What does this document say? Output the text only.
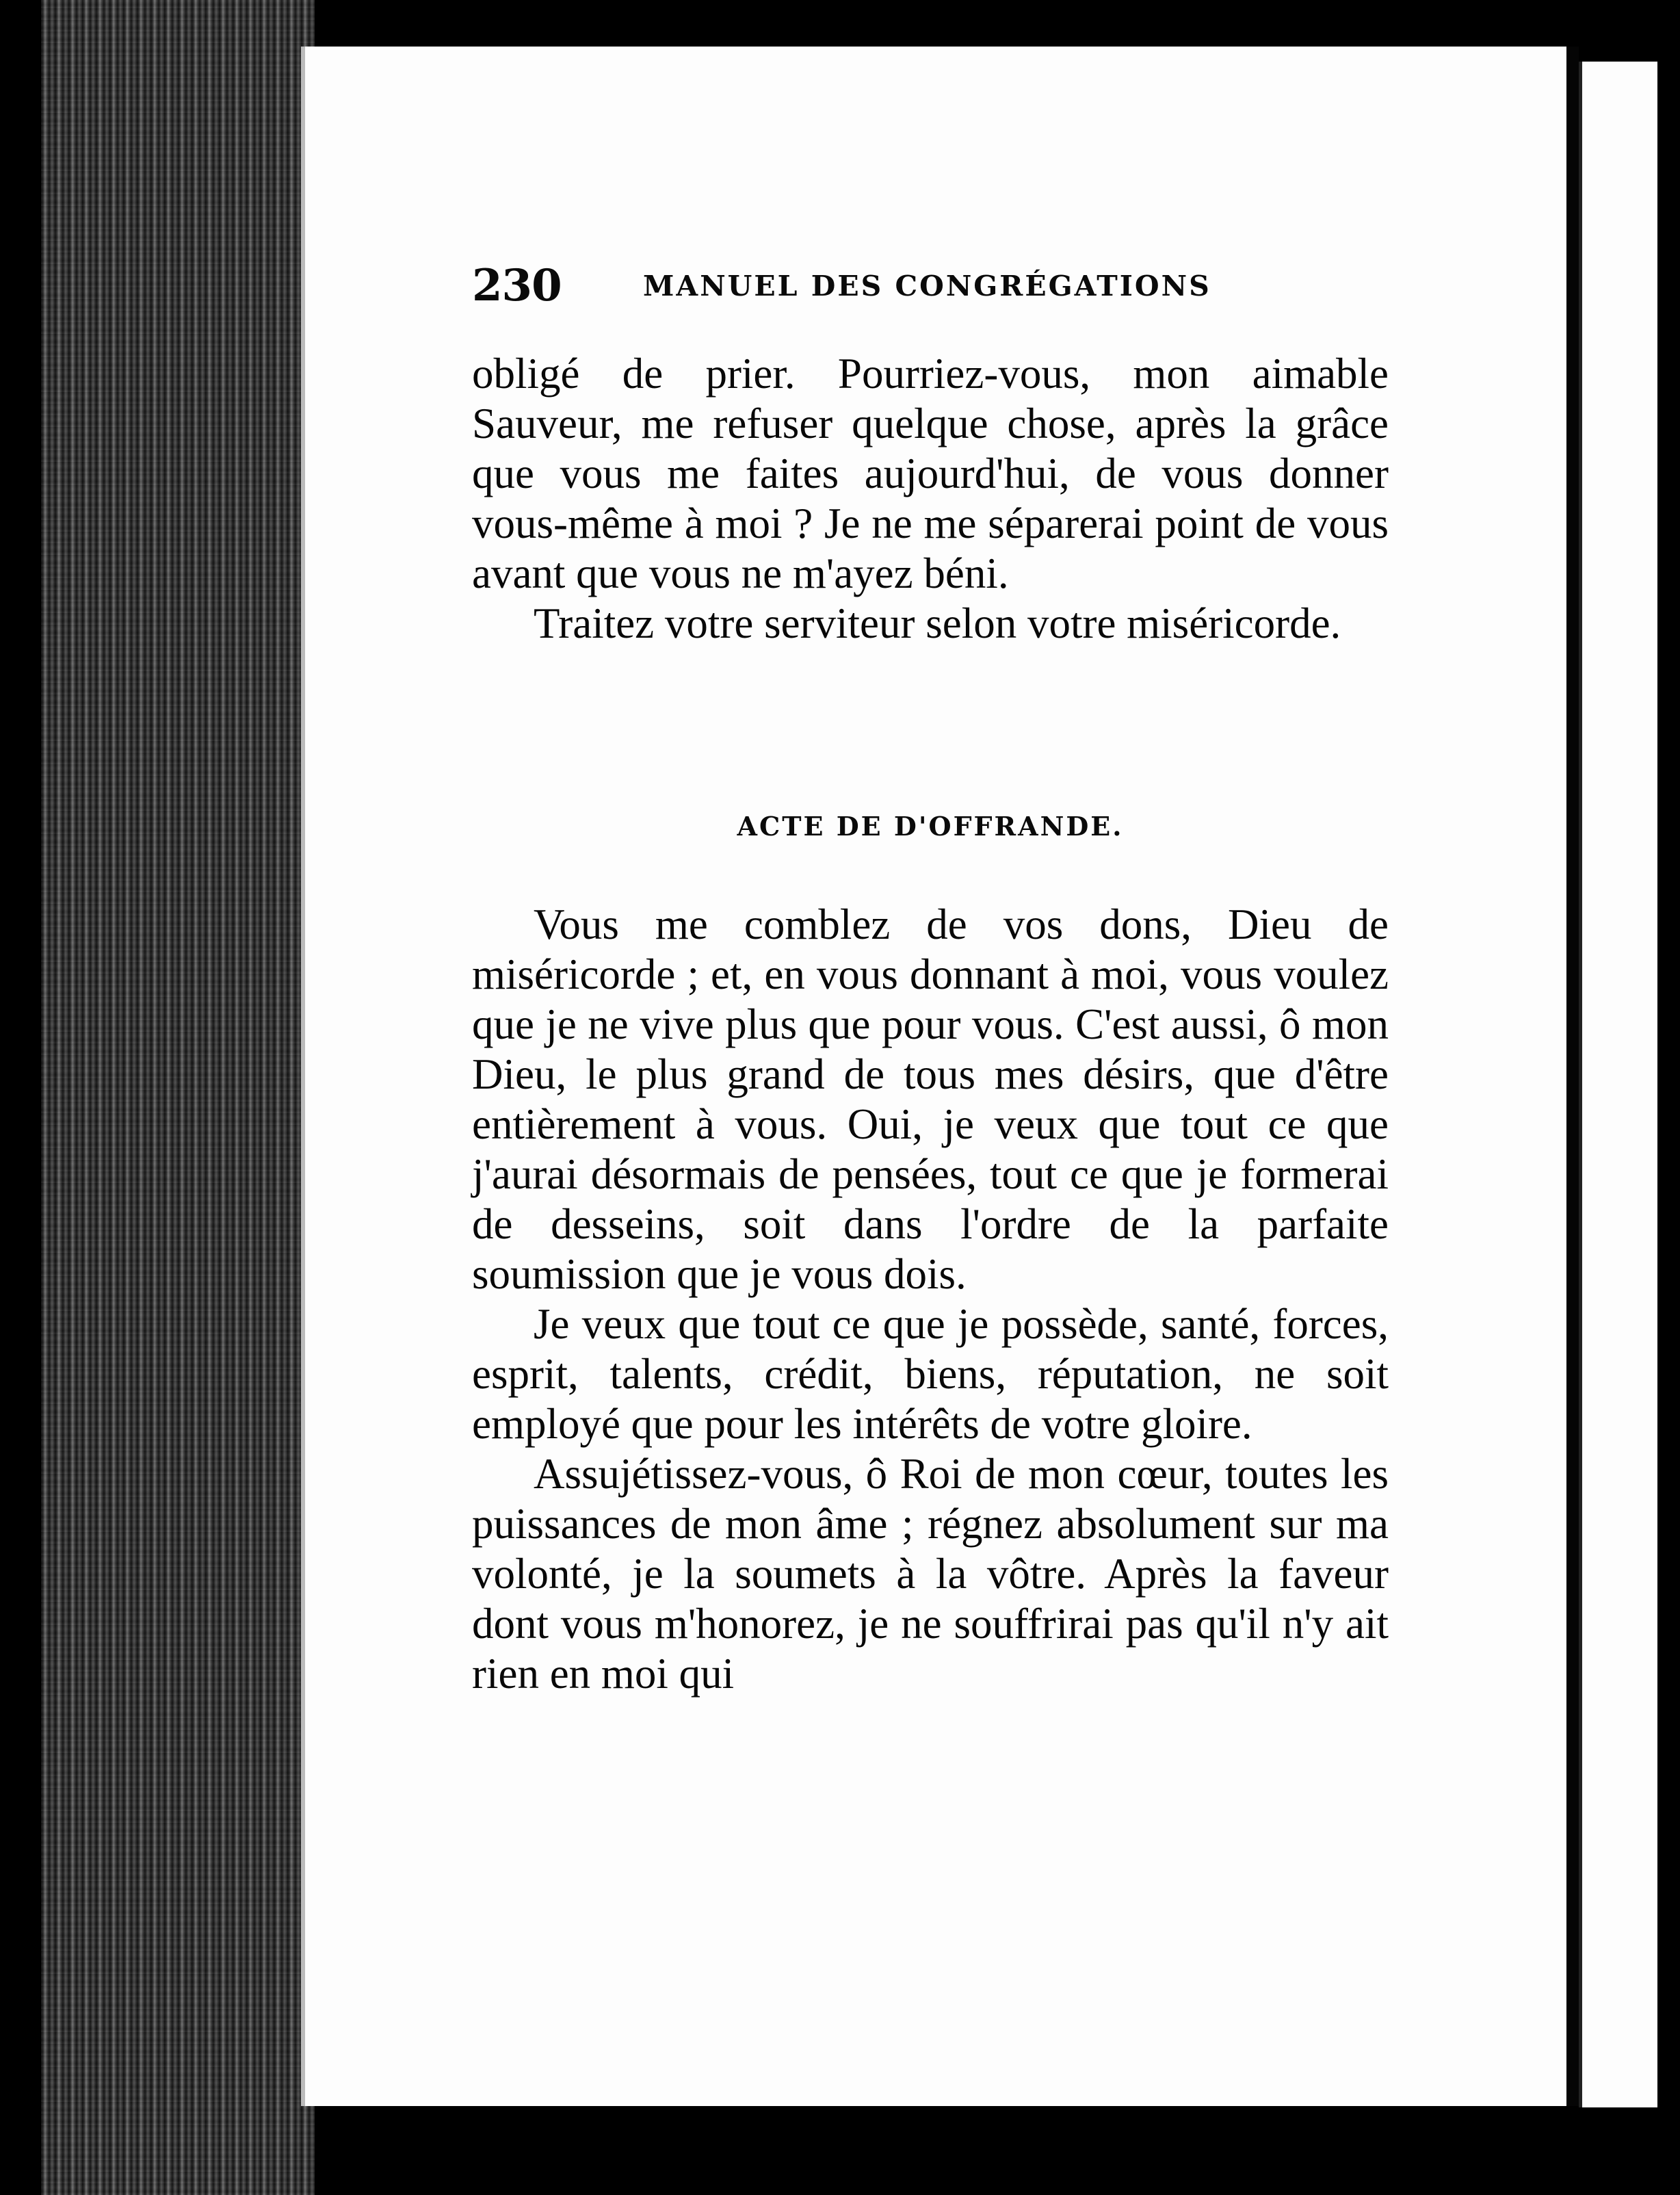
230	MANUEL DES CONGRÉGATIONS

obligé de prier. Pourriez-vous, mon aimable Sauveur, me refuser quelque chose, après la grâce que vous me faites aujourd'hui, de vous donner vous-même à moi ? Je ne me séparerai point de vous avant que vous ne m'ayez béni.

Traitez votre serviteur selon votre miséricorde.

ACTE DE D'OFFRANDE.

Vous me comblez de vos dons, Dieu de miséricorde ; et, en vous donnant à moi, vous voulez que je ne vive plus que pour vous. C'est aussi, ô mon Dieu, le plus grand de tous mes désirs, que d'être entièrement à vous. Oui, je veux que tout ce que j'aurai désormais de pensées, tout ce que je formerai de desseins, soit dans l'ordre de la parfaite soumission que je vous dois.

Je veux que tout ce que je possède, santé, forces, esprit, talents, crédit, biens, réputation, ne soit employé que pour les intérêts de votre gloire.

Assujétissez-vous, ô Roi de mon cœur, toutes les puissances de mon âme ; régnez absolument sur ma volonté, je la soumets à la vôtre. Après la faveur dont vous m'honorez, je ne souffrirai pas qu'il n'y ait rien en moi qui
